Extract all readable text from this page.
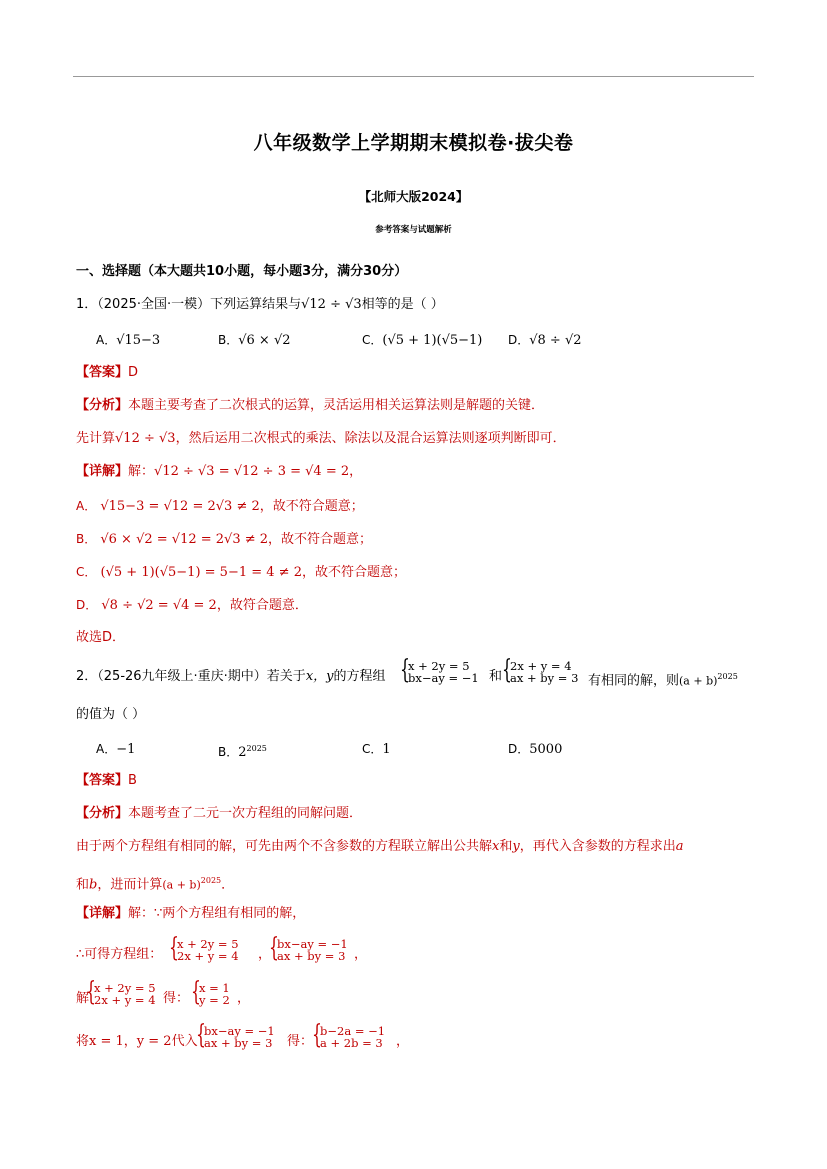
八年级数学上学期期末模拟卷·拔尖卷
【北师大版2024】
参考答案与试题解析
一、选择题（本大题共10小题，每小题3分，满分30分）
1．（2025·全国·一模）下列运算结果与√12 ÷ √3相等的是（ ）
A．√15−3	B．√6 × √2	C．(√5 + 1)(√5−1) D．√8 ÷ √2
【答案】D
【分析】本题主要考查了二次根式的运算，灵活运用相关运算法则是解题的关键．
先计算√12 ÷ √3，然后运用二次根式的乘法、除法以及混合运算法则逐项判断即可．
【详解】解：√12 ÷ √3 = √12 ÷ 3 = √4 = 2，
A． √15−3 = √12 = 2√3 ≠ 2，故不符合题意；
B． √6 × √2 = √12 = 2√3 ≠ 2，故不符合题意；
C． (√5 + 1)(√5−1) = 5−1 = 4 ≠ 2，故不符合题意；
D． √8 ÷ √2 = √4 = 2，故符合题意．
故选D．
2．（25-26九年级上·重庆·期中）若关于x，y的方程组
{ x + 2y = 5
bx−ay = −1 和
{ 2x + y = 4
ax + by = 3 有相同的解，则$(a + b)^{2025}$
的值为（ ）
A．−1	B．$2^{2025}$	C．1	D．5000
【答案】B
【分析】本题考查了二元一次方程组的同解问题．
由于两个方程组有相同的解，可先由两个不含参数的方程联立解出公共解x和y，再代入含参数的方程求出a
和b，进而计算$(a + b)^{2025}$．
【详解】解：∵两个方程组有相同的解，
∴可得方程组：
{ x + 2y = 5
2x + y = 4 ，
{ bx−ay = −1
ax + by = 3 ，
解
{ x + 2y = 5
2x + y = 4 得：
{ x = 1
y = 2 ，
将x = 1，y = 2代入
{ bx−ay = −1
ax + by = 3 得：
{ b−2a = −1
a + 2b = 3 ，
